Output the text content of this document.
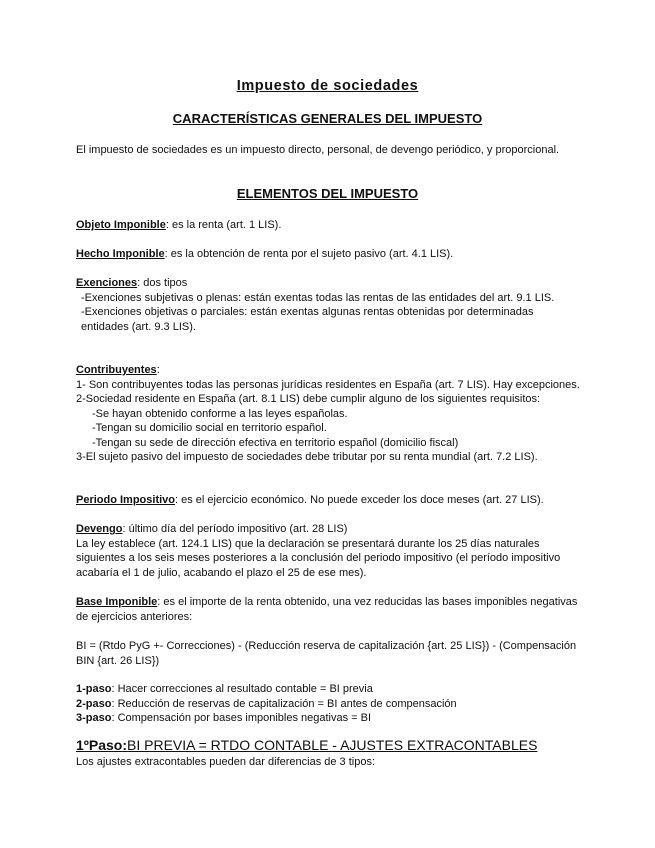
Impuesto de sociedades
CARACTERÍSTICAS GENERALES DEL IMPUESTO

El impuesto de sociedades es un impuesto directo, personal, de devengo periódico, y proporcional.

ELEMENTOS DEL IMPUESTO

Objeto Imponible: es la renta (art. 1 LIS).

Hecho Imponible: es la obtención de renta por el sujeto pasivo (art. 4.1 LIS).

Exenciones: dos tipos

-Exenciones subjetivas o plenas: están exentas todas las rentas de las entidades del art. 9.1 LIS.

-Exenciones objetivas o parciales: están exentas algunas rentas obtenidas por determinadas entidades (art. 9.3 LIS).

Contribuyentes:

1- Son contribuyentes todas las personas jurídicas residentes en España (art. 7 LIS). Hay excepciones.

2-Sociedad residente en España (art. 8.1 LIS) debe cumplir alguno de los siguientes requisitos:

-Se hayan obtenido conforme a las leyes españolas.

-Tengan su domicilio social en territorio español.

-Tengan su sede de dirección efectiva en territorio español (domicilio fiscal)

3-El sujeto pasivo del impuesto de sociedades debe tributar por su renta mundial (art. 7.2 LIS).

Periodo Impositivo: es el ejercicio económico. No puede exceder los doce meses (art. 27 LIS).

Devengo: último día del período impositivo (art. 28 LIS)

La ley establece (art. 124.1 LIS) que la declaración se presentará durante los 25 días naturales siguientes a los seis meses posteriores a la conclusión del periodo impositivo (el período impositivo acabaría el 1 de julio, acabando el plazo el 25 de ese mes).

Base Imponible: es el importe de la renta obtenido, una vez reducidas las bases imponibles negativas de ejercicios anteriores:

BI = (Rtdo PyG +- Correcciones) - (Reducción reserva de capitalización {art. 25 LIS}) - (Compensación BIN {art. 26 LIS})

1-paso: Hacer correcciones al resultado contable = BI previa

2-paso: Reducción de reservas de capitalización = BI antes de compensación

3-paso: Compensación por bases imponibles negativas = BI

1ºPaso:BI PREVIA = RTDO CONTABLE - AJUSTES EXTRACONTABLES

Los ajustes extracontables pueden dar diferencias de 3 tipos:
